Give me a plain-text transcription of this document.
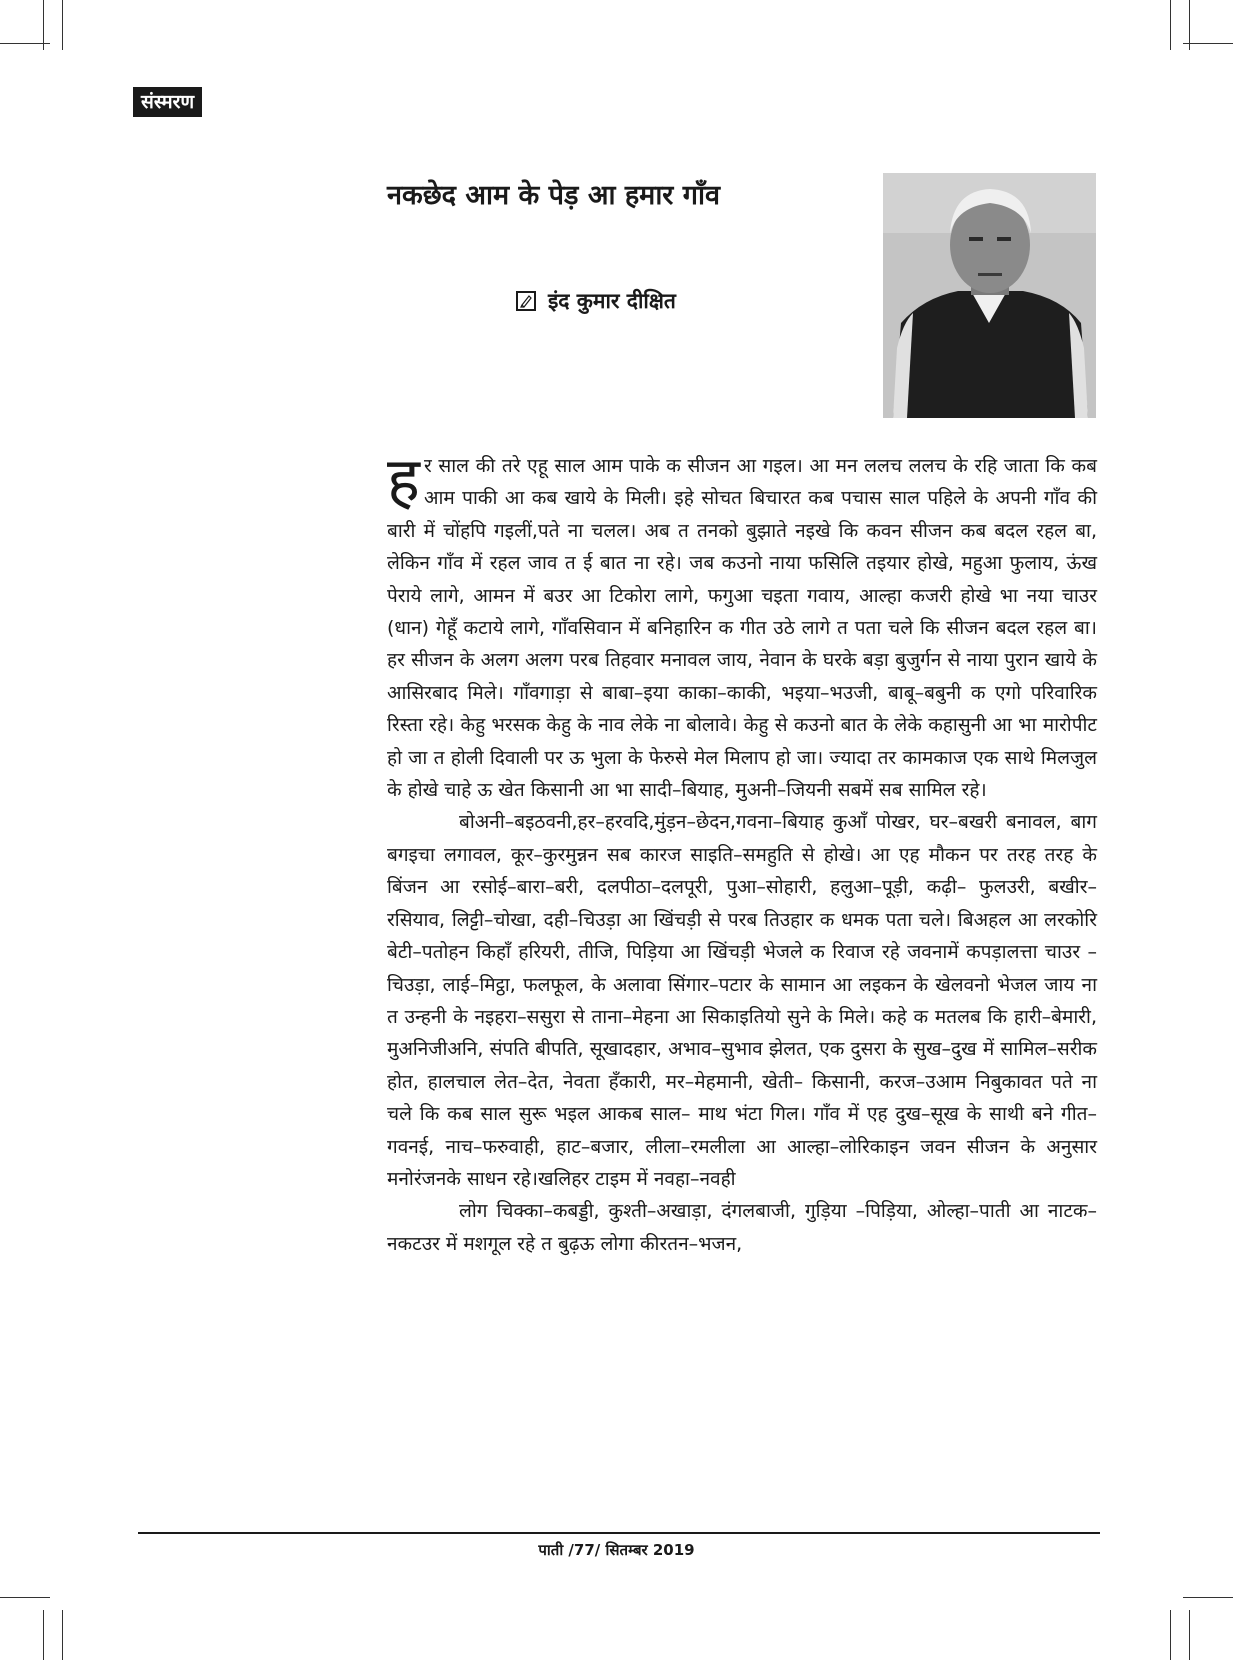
संस्मरण
नकछेद आम के पेड़ आ हमार गाँव
इंद कुमार दीक्षित

हर साल की तरे एहू साल आम पाके क सीजन आ गइल। आ मन ललच ललच के रहि जाता कि कब आम पाकी आ कब खाये के मिली। इहे सोचत बिचारत कब पचास साल पहिले के अपनी गाँव की बारी में चोंहपि गइलीं,पते ना चलल। अब त तनको बुझाते नइखे कि कवन सीजन कब बदल रहल बा, लेकिन गाँव में रहल जाव त ई बात ना रहे। जब कउनो नाया फसिलि तइयार होखे, महुआ फुलाय, ऊंख पेराये लागे, आमन में बउर आ टिकोरा लागे, फगुआ चइता गवाय, आल्हा कजरी होखे भा नया चाउर (धान) गेहूँ कटाये लागे, गाँवसिवान में बनिहारिन क गीत उठे लागे त पता चले कि सीजन बदल रहल बा। हर सीजन के अलग अलग परब तिहवार मनावल जाय, नेवान के घरके बड़ा बुजुर्गन से नाया पुरान खाये के आसिरबाद मिले। गाँवगाड़ा से बाबा–इया काका–काकी, भइया–भउजी, बाबू–बबुनी क एगो परिवारिक रिस्ता रहे। केहु भरसक केहु के नाव लेके ना बोलावे। केहु से कउनो बात के लेके कहासुनी आ भा मारोपीट हो जा त होली दिवाली पर ऊ भुला के फेरुसे मेल मिलाप हो जा। ज्यादा तर कामकाज एक साथे मिलजुल के होखे चाहे ऊ खेत किसानी आ भा सादी–बियाह, मुअनी–जियनी सबमें सब सामिल रहे।

बोअनी–बइठवनी,हर–हरवदि,मुंड़न–छेदन,गवना–बियाह कुआँ पोखर, घर–बखरी बनावल, बाग बगइचा लगावल, कूर–कुरमुन्नन सब कारज साइति–समहुति से होखे। आ एह मौकन पर तरह तरह के बिंजन आ रसोई–बारा–बरी, दलपीठा–दलपूरी, पुआ–सोहारी, हलुआ–पूड़ी, कढ़ी– फुलउरी, बखीर–रसियाव, लिट्टी–चोखा, दही–चिउड़ा आ खिंचड़ी से परब तिउहार क धमक पता चले। बिअहल आ लरकोरि बेटी–पतोहन किहाँ हरियरी, तीजि, पिड़िया आ खिंचड़ी भेजले क रिवाज रहे जवनामें कपड़ालत्ता चाउर –चिउड़ा, लाई–मिट्ठा, फलफूल, के अलावा सिंगार–पटार के सामान आ लइकन के खेलवनो भेजल जाय ना त उन्हनी के नइहरा–ससुरा से ताना–मेहना आ सिकाइतियो सुने के मिले। कहे क मतलब कि हारी–बेमारी, मुअनिजीअनि, संपति बीपति, सूखादहार, अभाव–सुभाव झेलत, एक दुसरा के सुख–दुख में सामिल–सरीक होत, हालचाल लेत–देत, नेवता हँकारी, मर–मेहमानी, खेती– किसानी, करज–उआम निबुकावत पते ना चले कि कब साल सुरू भइल आकब साल– माथ भंटा गिल। गाँव में एह दुख–सूख के साथी बने गीत–गवनई, नाच–फरुवाही, हाट–बजार, लीला–रमलीला आ आल्हा–लोरिकाइन जवन सीजन के अनुसार मनोरंजनके साधन रहे।खलिहर टाइम में नवहा–नवही

लोग चिक्का–कबड्डी, कुश्ती–अखाड़ा, दंगलबाजी, गुड़िया –पिड़िया, ओल्हा–पाती आ नाटक–नकटउर में मशगूल रहे त बुढ़ऊ लोगा कीरतन–भजन,

पाती /77/ सितम्बर 2019
